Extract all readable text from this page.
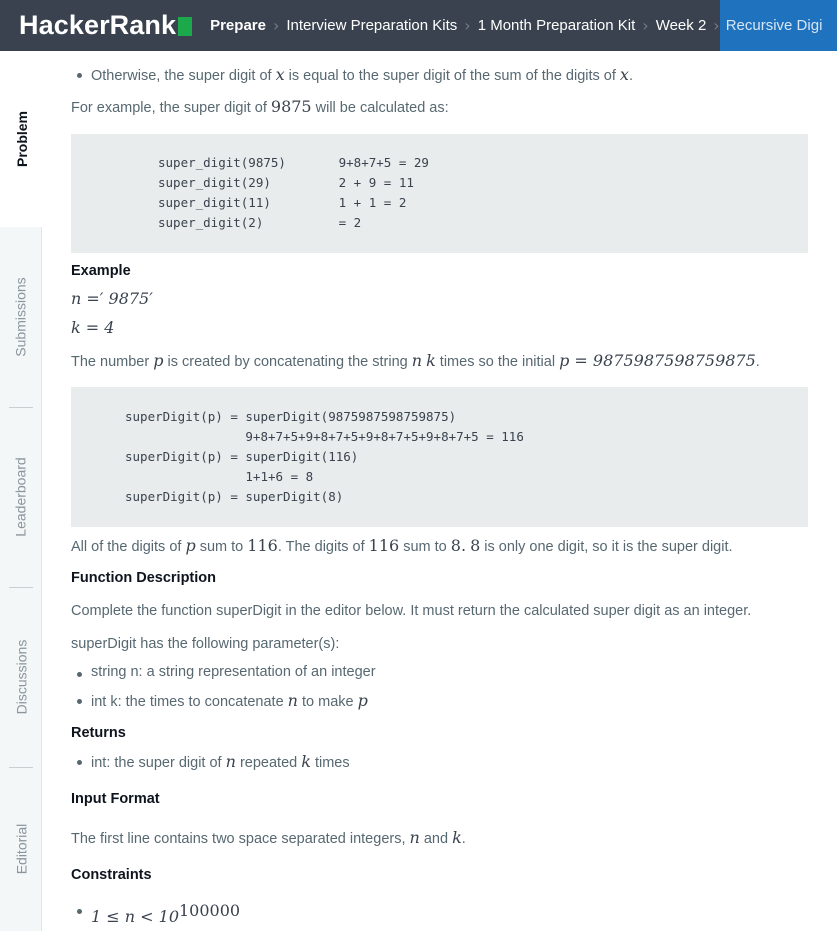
HackerRank Prepare › Interview Preparation Kits › 1 Month Preparation Kit › Week 2 › Recursive Digi
Problem
Submissions
Leaderboard
Discussions
Editorial
Otherwise, the super digit of x is equal to the super digit of the sum of the digits of x.
For example, the super digit of 9875 will be calculated as:
super_digit(9875)       9+8+7+5 = 29
super_digit(29)         2 + 9 = 11
super_digit(11)         1 + 1 = 2
super_digit(2)          = 2
Example
n =′ 9875′
k = 4
The number p is created by concatenating the string n k times so the initial p = 9875987598759875.
superDigit(p) = superDigit(9875987598759875)
9+8+7+5+9+8+7+5+9+8+7+5+9+8+7+5 = 116
superDigit(p) = superDigit(116)
1+1+6 = 8
superDigit(p) = superDigit(8)
All of the digits of p sum to 116. The digits of 116 sum to 8. 8 is only one digit, so it is the super digit.
Function Description
Complete the function superDigit in the editor below. It must return the calculated super digit as an integer.
superDigit has the following parameter(s):
string n: a string representation of an integer
int k: the times to concatenate n to make p
Returns
int: the super digit of n repeated k times
Input Format
The first line contains two space separated integers, n and k.
Constraints
$1 \le n < 10^{100000}$
